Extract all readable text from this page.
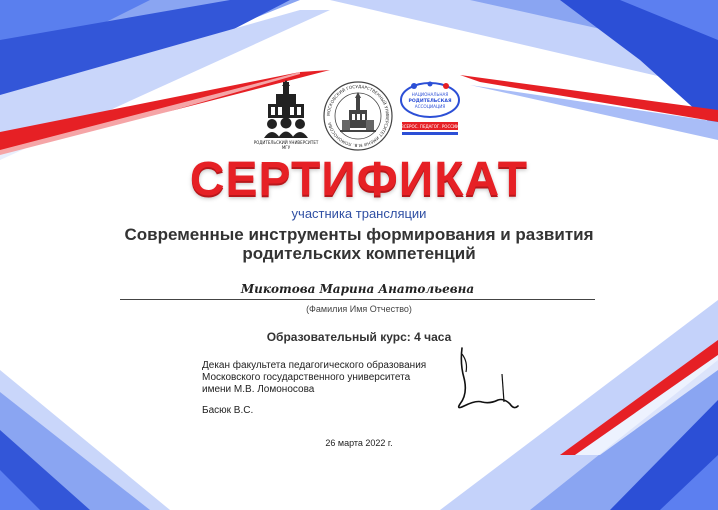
РОДИТЕЛЬСКИЙ УНИВЕРСИТЕТ
МГУ
МОСКОВСКИЙ ГОСУДАРСТВЕННЫЙ УНИВЕРСИТЕТ ИМЕНИ М.В. ЛОМОНОСОВА
НАЦИОНАЛЬНАЯ
РОДИТЕЛЬСКАЯ
АССОЦИАЦИЯ
ВСЕРОС. ПЕДАГОГ. РОССИИ
СЕРТИФИКАТ
участника трансляции
Современные инструменты формирования и развития
родительских компетенций
Микотова Марина Анатольевна
(Фамилия Имя Отчество)
Образовательный курс: 4 часа
Декан факультета педагогического образования
Московского государственного университета
имени М.В. Ломоносова
Басюк В.С.
26 марта 2022 г.
